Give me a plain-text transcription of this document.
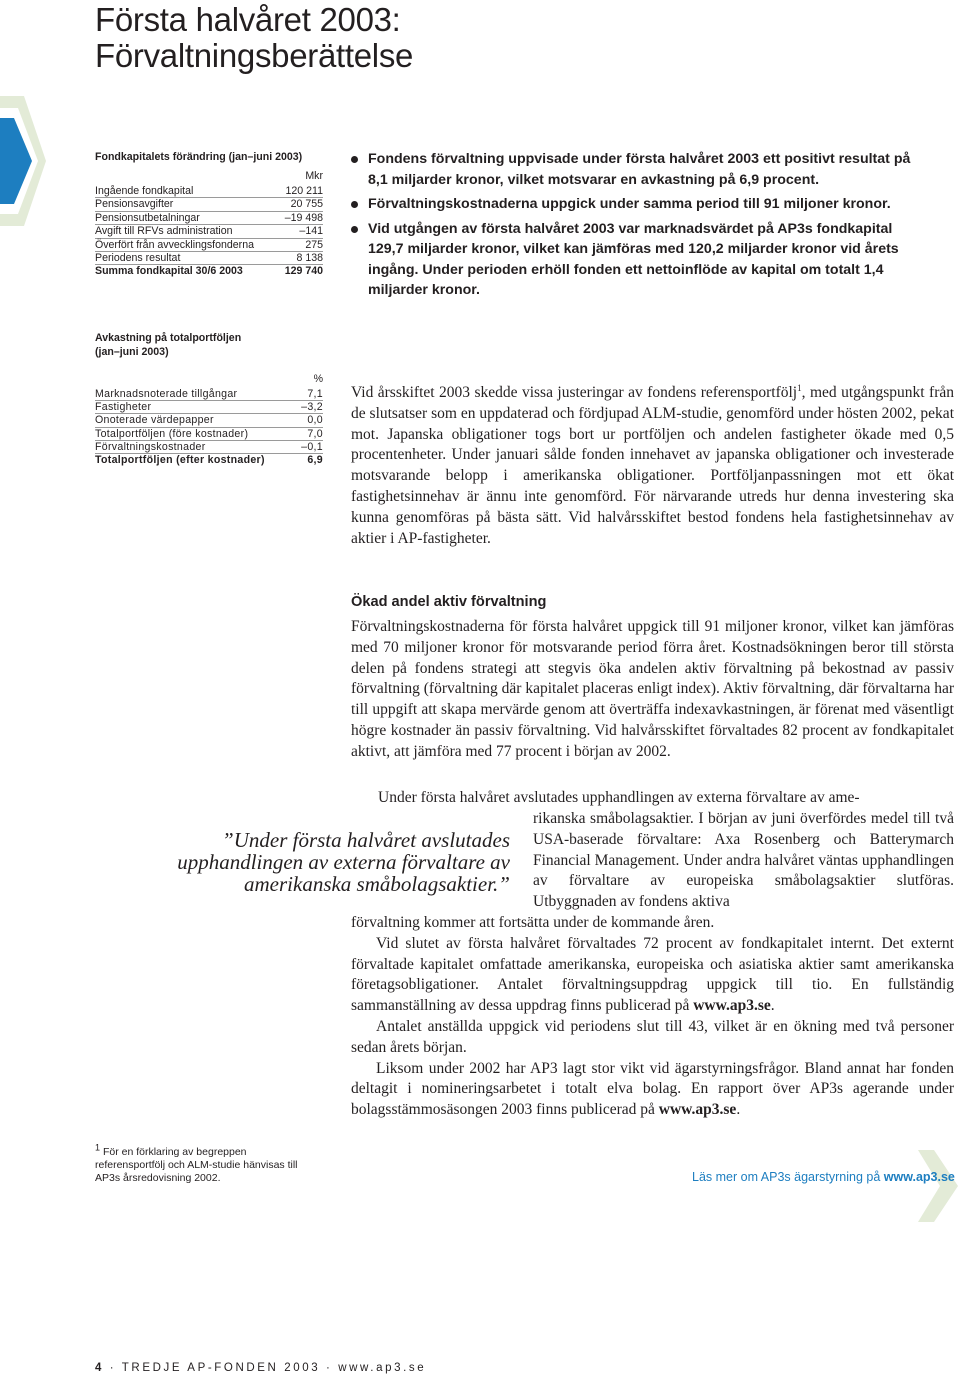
Första halvåret 2003:
Förvaltningsberättelse
Fondkapitalets förändring (jan–juni 2003)
Mkr
Ingående fondkapital	120 211
Pensionsavgifter	20 755
Pensionsutbetalningar	–19 498
Avgift till RFVs administration	–141
Överfört från avvecklingsfonderna	275
Periodens resultat	8 138
Summa fondkapital 30/6 2003	129 740
Avkastning på totalportföljen
(jan–juni 2003)
%
Marknadsnoterade tillgångar	7,1
Fastigheter	–3,2
Onoterade värdepapper	0,0
Totalportföljen (före kostnader)	7,0
Förvaltningskostnader	–0,1
Totalportföljen (efter kostnader)	6,9
Fondens förvaltning uppvisade under första halvåret 2003 ett positivt resultat på 8,1 miljarder kronor, vilket motsvarar en avkastning på 6,9 procent.
Förvaltningskostnaderna uppgick under samma period till 91 miljoner kronor.
Vid utgången av första halvåret 2003 var marknadsvärdet på AP3s fondkapital 129,7 miljarder kronor, vilket kan jämföras med 120,2 miljarder kronor vid årets ingång. Under perioden erhöll fonden ett nettoinflöde av kapital om totalt 1,4 miljarder kronor.

Vid årsskiftet 2003 skedde vissa justeringar av fondens referensportfölj$^1$, med utgångspunkt från de slutsatser som en uppdaterad och fördjupad ALM-studie, genomförd under hösten 2002, pekat mot. Japanska obligationer togs bort ur portföljen och andelen fastigheter ökade med 0,5 procentenheter. Under januari sålde fonden innehavet av japanska obligationer och investerade motsvarande belopp i amerikanska obligationer. Portföljanpassningen mot ett ökat fastighetsinnehav är ännu inte genomförd. För närvarande utreds hur denna investering ska kunna genomföras på bästa sätt. Vid halvårsskiftet bestod fondens hela fastighetsinnehav av aktier i AP-fastigheter.

Ökad andel aktiv förvaltning

Förvaltningskostnaderna för första halvåret uppgick till 91 miljoner kronor, vilket kan jämföras med 70 miljoner kronor för motsvarande period förra året. Kostnadsökningen beror till största delen på fondens strategi att stegvis öka andelen aktiv förvaltning på bekostnad av passiv förvaltning (förvaltning där kapitalet placeras enligt index). Aktiv förvaltning, där förvaltarna har till uppgift att skapa mervärde genom att överträffa indexavkastningen, är förenat med väsentligt högre kostnader än passiv förvaltning. Vid halvårsskiftet förvaltades 82 procent av fondkapitalet aktivt, att jämföra med 77 procent i början av 2002.

Under första halvåret avslutades upphandlingen av externa förvaltare av ame-

rikanska småbolagsaktier. I början av juni överfördes medel till två USA-baserade förvaltare: Axa Rosenberg och Batterymarch Financial Management. Under andra halvåret väntas upphandlingen av förvaltare av europeiska småbolagsaktier slutföras. Utbyggnaden av fondens aktiva

förvaltning kommer att fortsätta under de kommande åren.

Vid slutet av första halvåret förvaltades 72 procent av fondkapitalet internt. Det externt förvaltade kapitalet omfattade amerikanska, europeiska och asiatiska aktier samt amerikanska företagsobligationer. Antalet förvaltningsuppdrag uppgick till tio. En fullständig sammanställning av dessa uppdrag finns publicerad på www.ap3.se.

Antalet anställda uppgick vid periodens slut till 43, vilket är en ökning med två personer sedan årets början.

Liksom under 2002 har AP3 lagt stor vikt vid ägarstyrningsfrågor. Bland annat har fonden deltagit i nomineringsarbetet i totalt elva bolag. En rapport över AP3s agerande under bolagsstämmosäsongen 2003 finns publicerad på www.ap3.se.

”Under första halvåret avslutades
upphandlingen av externa förvaltare av
amerikanska småbolagsaktier.”
Läs mer om AP3s ägarstyrning på www.ap3.se
1 För en förklaring av begreppen referensportfölj och ALM-studie hänvisas till AP3s årsredovisning 2002.
4 · TREDJE AP-FONDEN 2003 · www.ap3.se
